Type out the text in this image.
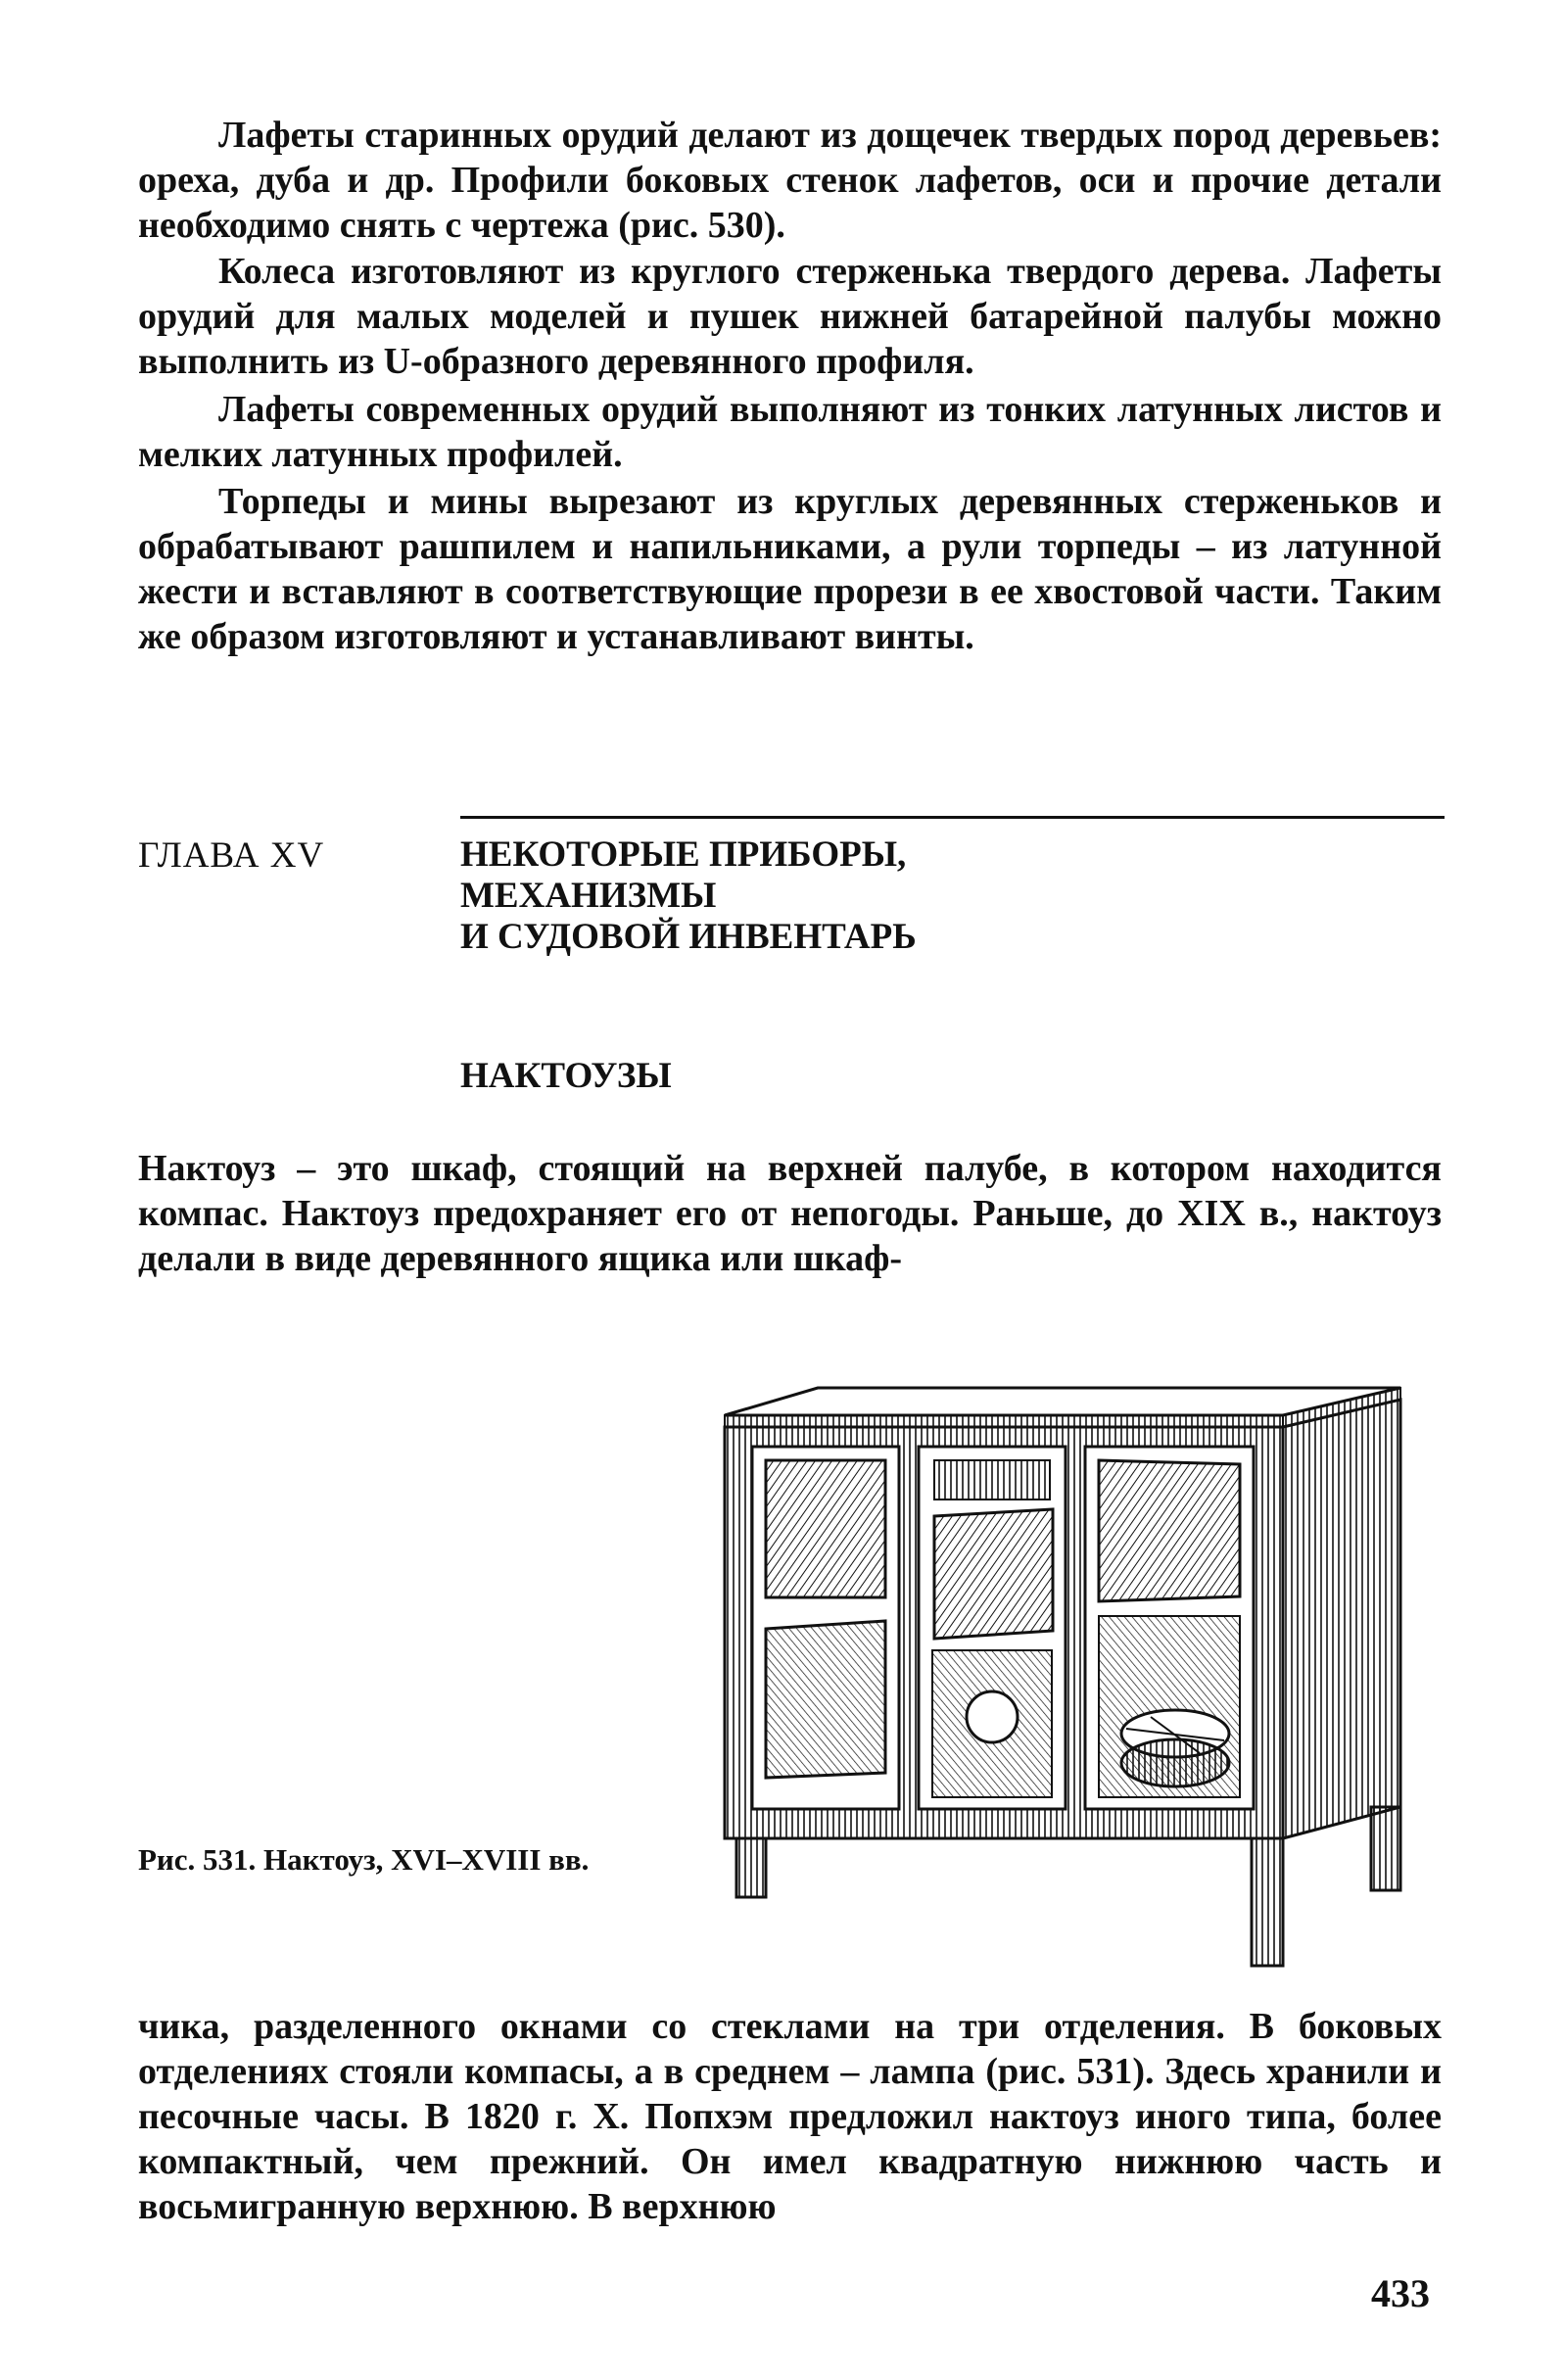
Лафеты старинных орудий делают из дощечек твердых пород деревьев: ореха, дуба и др. Профили боковых стенок лафетов, оси и прочие детали необходимо снять с чертежа (рис. 530).

Колеса изготовляют из круглого стерженька твердого дерева. Лафеты орудий для малых моделей и пушек нижней батарейной палубы можно выполнить из U-образного деревянного профиля.

Лафеты современных орудий выполняют из тонких латунных листов и мелких латунных профилей.

Торпеды и мины вырезают из круглых деревянных стерженьков и обрабатывают рашпилем и напильниками, а рули торпеды – из латунной жести и вставляют в соответствующие прорези в ее хвостовой части. Таким же образом изготовляют и устанавливают винты.

ГЛАВА XV	НЕКОТОРЫЕ ПРИБОРЫ,
МЕХАНИЗМЫ
И СУДОВОЙ ИНВЕНТАРЬ
НАКТОУЗЫ

Нактоуз – это шкаф, стоящий на верхней палубе, в котором находится компас. Нактоуз предохраняет его от непогоды. Раньше, до XIX в., нактоуз делали в виде деревянного ящика или шкаф-

Рис. 531. Нактоуз, XVI–XVIII вв.

чика, разделенного окнами со стеклами на три отделения. В боковых отделениях стояли компасы, а в среднем – лампа (рис. 531). Здесь хранили и песочные часы. В 1820 г. Х. Попхэм предложил нактоуз иного типа, более компактный, чем прежний. Он имел квадратную нижнюю часть и восьмигранную верхнюю. В верхнюю

433
